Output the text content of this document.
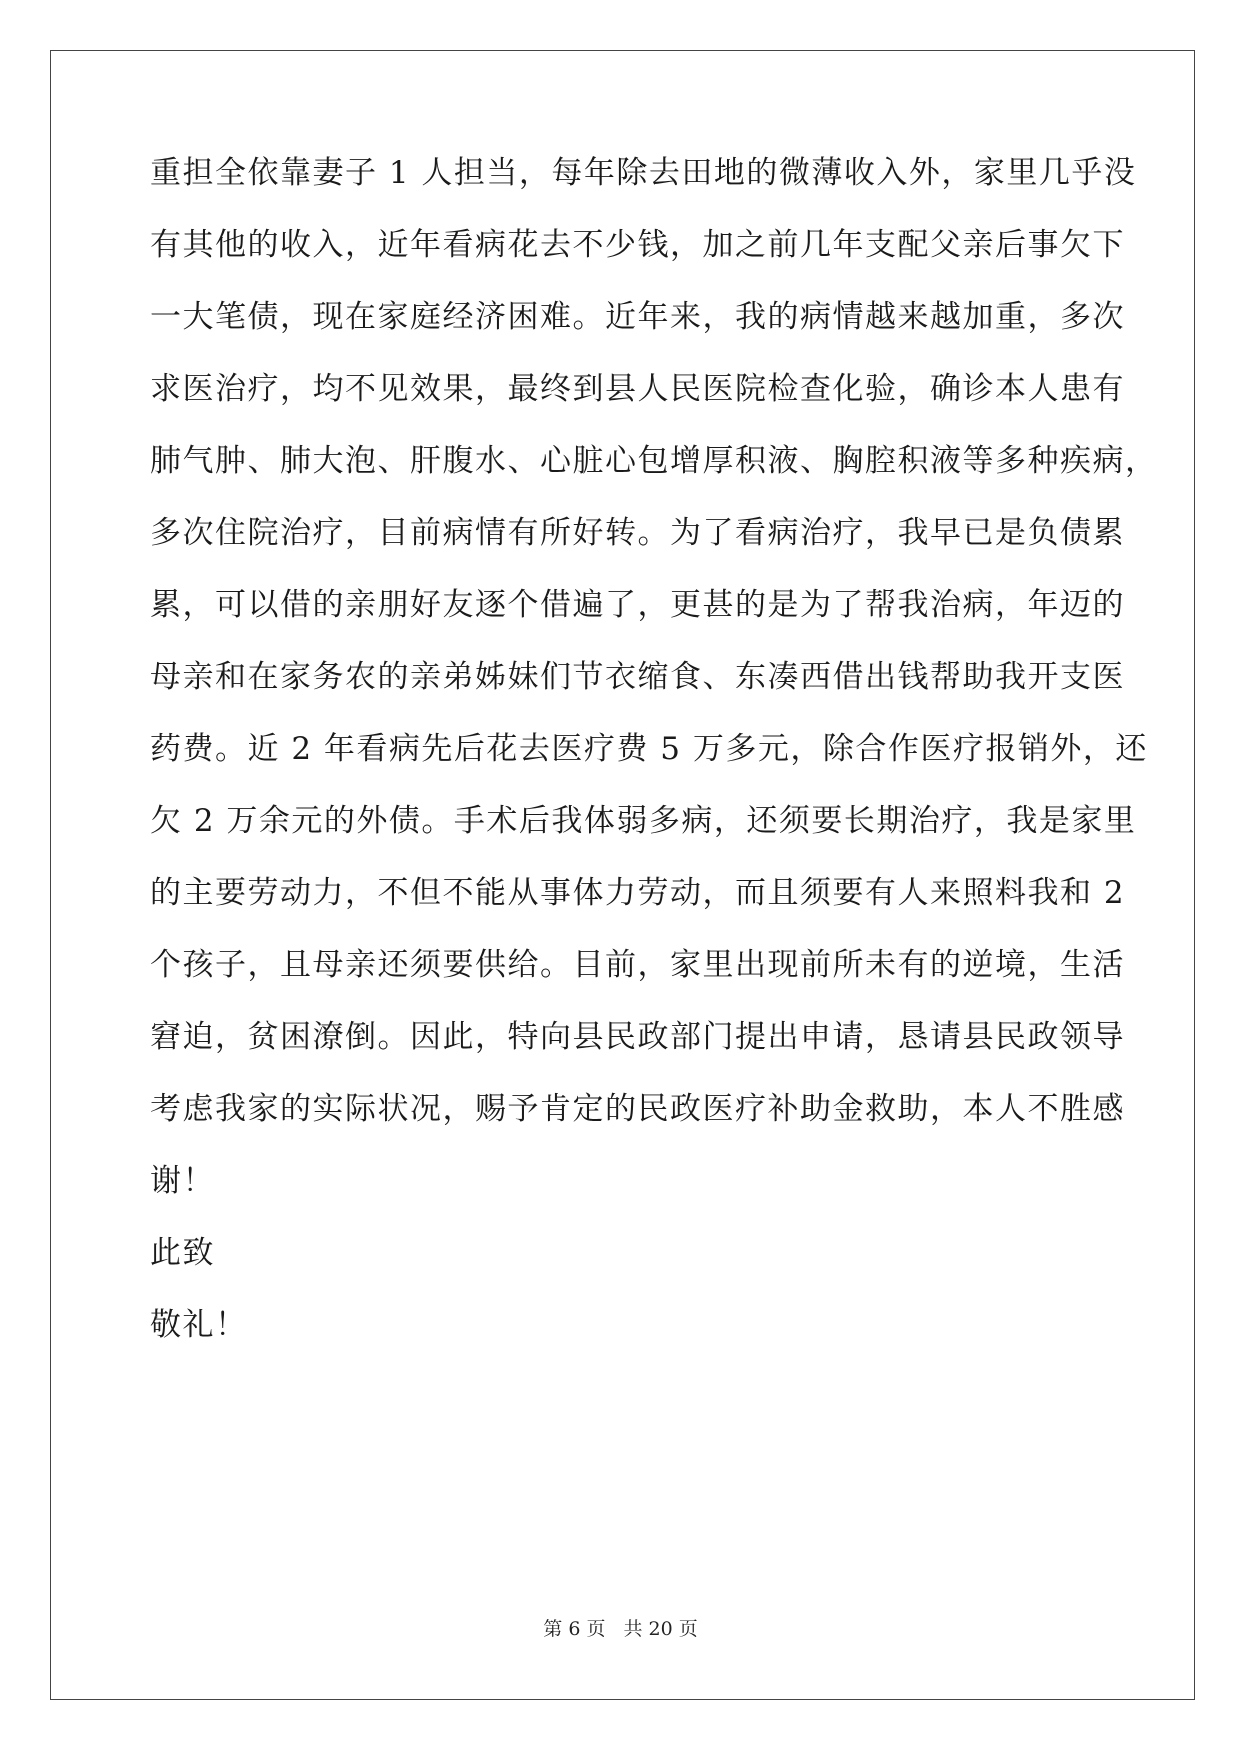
重担全依靠妻子 1 人担当，每年除去田地的微薄收入外，家里几乎没
有其他的收入，近年看病花去不少钱，加之前几年支配父亲后事欠下
一大笔债，现在家庭经济困难。近年来，我的病情越来越加重，多次
求医治疗，均不见效果，最终到县人民医院检查化验，确诊本人患有
肺气肿、肺大泡、肝腹水、心脏心包增厚积液、胸腔积液等多种疾病，
多次住院治疗，目前病情有所好转。为了看病治疗，我早已是负债累
累，可以借的亲朋好友逐个借遍了，更甚的是为了帮我治病，年迈的
母亲和在家务农的亲弟姊妹们节衣缩食、东凑西借出钱帮助我开支医
药费。近 2 年看病先后花去医疗费 5 万多元，除合作医疗报销外，还
欠 2 万余元的外债。手术后我体弱多病，还须要长期治疗，我是家里
的主要劳动力，不但不能从事体力劳动，而且须要有人来照料我和 2
个孩子，且母亲还须要供给。目前，家里出现前所未有的逆境，生活
窘迫，贫困潦倒。因此，特向县民政部门提出申请，恳请县民政领导
考虑我家的实际状况，赐予肯定的民政医疗补助金救助，本人不胜感
谢！
此致
敬礼！
第 6 页 共 20 页
